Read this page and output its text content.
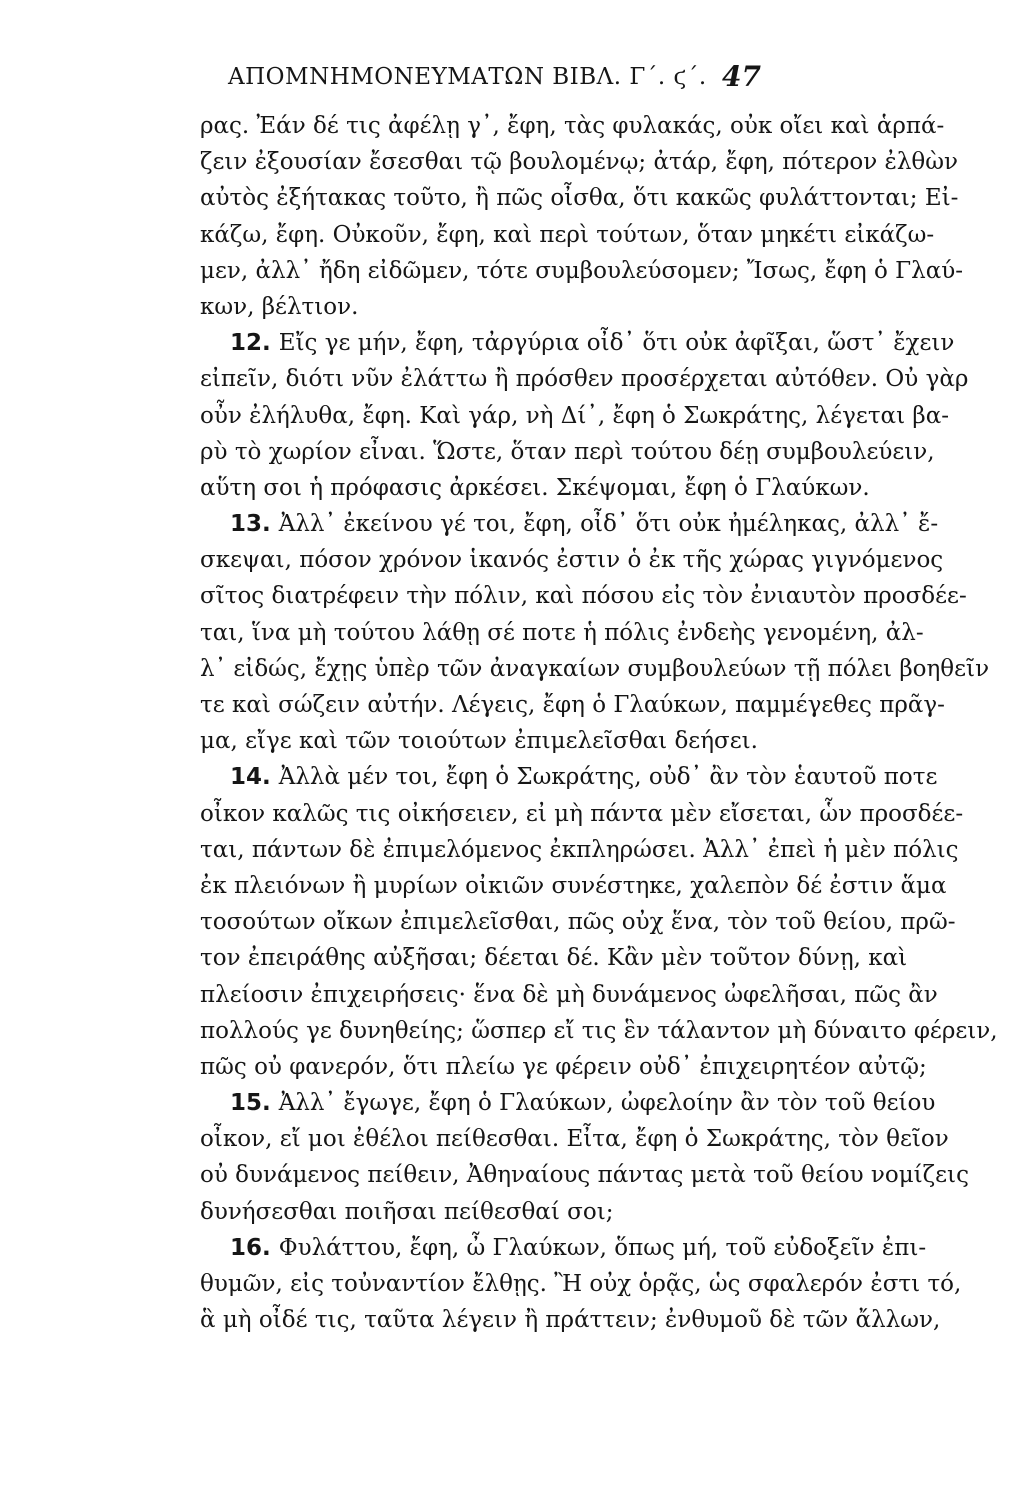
ΑΠΟΜΝΗΜΟΝΕΥΜΑΤΩΝ ΒΙΒΛ. Γ΄. ϛ΄. 47
ρας. Ἐάν δέ τις ἀφέλῃ γ᾽, ἔφη, τὰς φυλακάς, οὐκ οἴει καὶ ἁρπά-
ζειν ἐξουσίαν ἔσεσθαι τῷ βουλομένῳ; ἀτάρ, ἔφη, πότερον ἐλθὼν
αὐτὸς ἐξήτακας τοῦτο, ἢ πῶς οἶσθα, ὅτι κακῶς φυλάττονται; Εἰ-
κάζω, ἔφη. Οὐκοῦν, ἔφη, καὶ περὶ τούτων, ὅταν μηκέτι εἰκάζω-
μεν, ἀλλ᾽ ἤδη εἰδῶμεν, τότε συμβουλεύσομεν; Ἴσως, ἔφη ὁ Γλαύ-
κων, βέλτιον.
12. Εἴς γε μήν, ἔφη, τἀργύρια οἶδ᾽ ὅτι οὐκ ἀφῖξαι, ὥστ᾽ ἔχειν
εἰπεῖν, διότι νῦν ἐλάττω ἢ πρόσθεν προσέρχεται αὐτόθεν. Οὐ γὰρ
οὖν ἐλήλυθα, ἔφη. Καὶ γάρ, νὴ Δί᾽, ἔφη ὁ Σωκράτης, λέγεται βα-
ρὺ τὸ χωρίον εἶναι. Ὥστε, ὅταν περὶ τούτου δέῃ συμβουλεύειν,
αὕτη σοι ἡ πρόφασις ἀρκέσει. Σκέψομαι, ἔφη ὁ Γλαύκων.
13. Ἀλλ᾽ ἐκείνου γέ τοι, ἔφη, οἶδ᾽ ὅτι οὐκ ἠμέληκας, ἀλλ᾽ ἔ-
σκεψαι, πόσον χρόνον ἱκανός ἐστιν ὁ ἐκ τῆς χώρας γιγνόμενος
σῖτος διατρέφειν τὴν πόλιν, καὶ πόσου εἰς τὸν ἐνιαυτὸν προσδέε-
ται, ἵνα μὴ τούτου λάθῃ σέ ποτε ἡ πόλις ἐνδεὴς γενομένη, ἀλ-
λ᾽ εἰδώς, ἔχῃς ὑπὲρ τῶν ἀναγκαίων συμβουλεύων τῇ πόλει βοηθεῖν
τε καὶ σώζειν αὐτήν. Λέγεις, ἔφη ὁ Γλαύκων, παμμέγεθες πρᾶγ-
μα, εἴγε καὶ τῶν τοιούτων ἐπιμελεῖσθαι δεήσει.
14. Ἀλλὰ μέν τοι, ἔφη ὁ Σωκράτης, οὐδ᾽ ἂν τὸν ἑαυτοῦ ποτε
οἶκον καλῶς τις οἰκήσειεν, εἰ μὴ πάντα μὲν εἴσεται, ὧν προσδέε-
ται, πάντων δὲ ἐπιμελόμενος ἐκπληρώσει. Ἀλλ᾽ ἐπεὶ ἡ μὲν πόλις
ἐκ πλειόνων ἢ μυρίων οἰκιῶν συνέστηκε, χαλεπὸν δέ ἐστιν ἅμα
τοσούτων οἴκων ἐπιμελεῖσθαι, πῶς οὐχ ἕνα, τὸν τοῦ θείου, πρῶ-
τον ἐπειράθης αὐξῆσαι; δέεται δέ. Κἂν μὲν τοῦτον δύνῃ, καὶ
πλείοσιν ἐπιχειρήσεις· ἕνα δὲ μὴ δυνάμενος ὠφελῆσαι, πῶς ἂν
πολλούς γε δυνηθείης; ὥσπερ εἴ τις ἓν τάλαντον μὴ δύναιτο φέρειν,
πῶς οὐ φανερόν, ὅτι πλείω γε φέρειν οὐδ᾽ ἐπιχειρητέον αὐτῷ;
15. Ἀλλ᾽ ἔγωγε, ἔφη ὁ Γλαύκων, ὠφελοίην ἂν τὸν τοῦ θείου
οἶκον, εἴ μοι ἐθέλοι πείθεσθαι. Εἶτα, ἔφη ὁ Σωκράτης, τὸν θεῖον
οὐ δυνάμενος πείθειν, Ἀθηναίους πάντας μετὰ τοῦ θείου νομίζεις
δυνήσεσθαι ποιῆσαι πείθεσθαί σοι;
16. Φυλάττου, ἔφη, ὦ Γλαύκων, ὅπως μή, τοῦ εὐδοξεῖν ἐπι-
θυμῶν, εἰς τοὐναντίον ἔλθῃς. Ἢ οὐχ ὁρᾷς, ὡς σφαλερόν ἐστι τό,
ἃ μὴ οἶδέ τις, ταῦτα λέγειν ἢ πράττειν; ἐνθυμοῦ δὲ τῶν ἄλλων,
